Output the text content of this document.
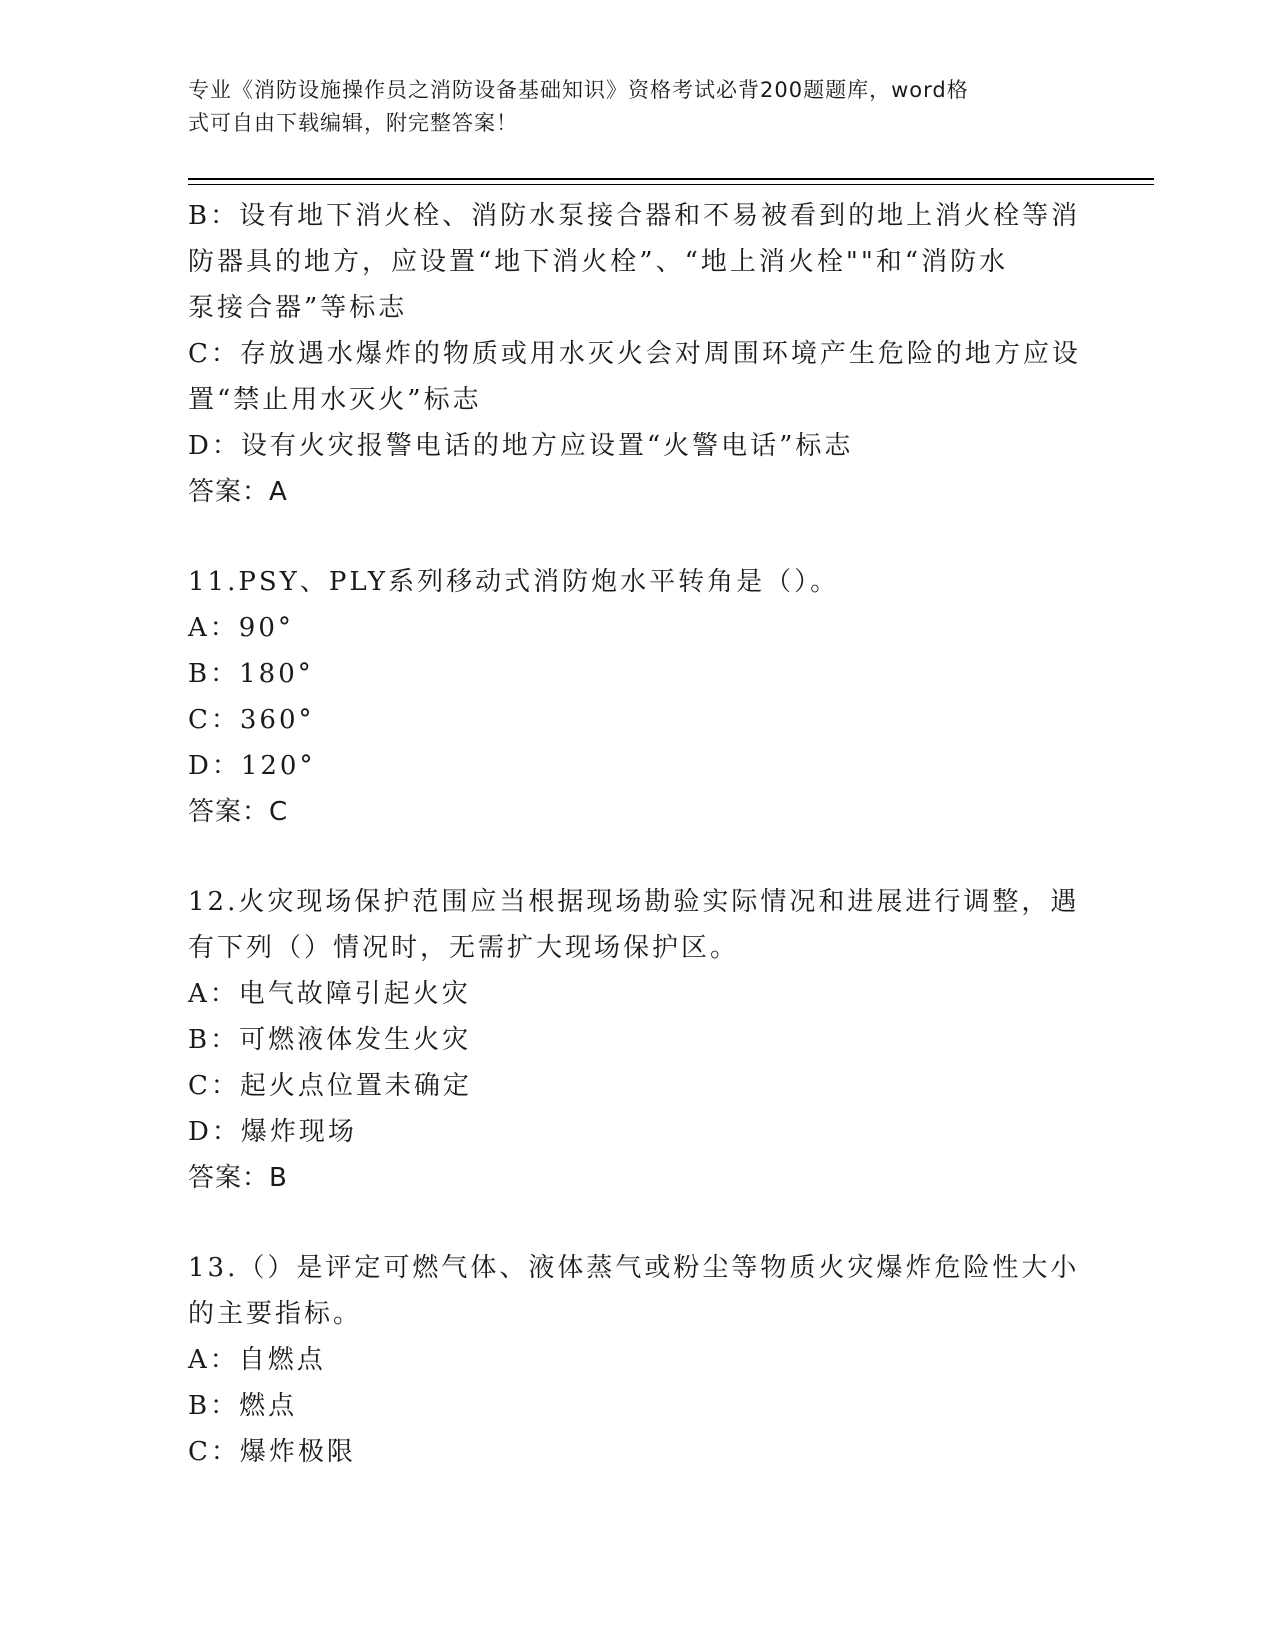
专业《消防设施操作员之消防设备基础知识》资格考试必背200题题库，word格
式可自由下载编辑，附完整答案！
B：设有地下消火栓、消防水泵接合器和不易被看到的地上消火栓等消
防器具的地方，应设置“地下消火栓”、“地上消火栓""和“消防水
泵接合器”等标志
C：存放遇水爆炸的物质或用水灭火会对周围环境产生危险的地方应设
置“禁止用水灭火”标志
D：设有火灾报警电话的地方应设置“火警电话”标志
答案：A
11.PSY、PLY系列移动式消防炮水平转角是（）。
A：90°
B：180°
C：360°
D：120°
答案：C
12.火灾现场保护范围应当根据现场勘验实际情况和进展进行调整，遇
有下列（）情况时，无需扩大现场保护区。
A：电气故障引起火灾
B：可燃液体发生火灾
C：起火点位置未确定
D：爆炸现场
答案：B
13.（）是评定可燃气体、液体蒸气或粉尘等物质火灾爆炸危险性大小
的主要指标。
A：自燃点
B：燃点
C：爆炸极限
